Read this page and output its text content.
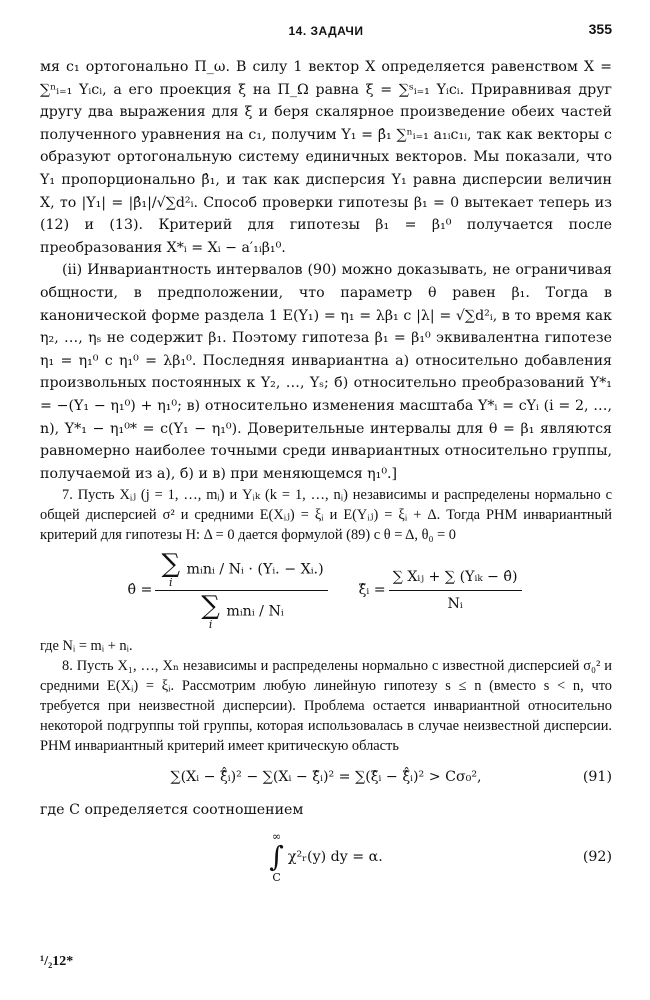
14. ЗАДАЧИ	355

мя c₁ ортогонально Π_ω. В силу 1 вектор X определяется равенством X = ∑ⁿᵢ₌₁ Yᵢcᵢ, а его проекция ξ на Π_Ω равна ξ = ∑ˢᵢ₌₁ Yᵢcᵢ. Приравнивая друг другу два выражения для ξ и беря скалярное произведение обеих частей полученного уравнения на c₁, получим Y₁ = β̂₁ ∑ⁿᵢ₌₁ a₁ᵢc₁ᵢ, так как векторы c образуют ортогональную систему единичных векторов. Мы показали, что Y₁ пропорционально β̂₁, и так как дисперсия Y₁ равна дисперсии величин X, то |Y₁| = |β̂₁|/√∑d²ᵢ. Способ проверки гипотезы β₁ = 0 вытекает теперь из (12) и (13). Критерий для гипотезы β₁ = β₁⁰ получается после преобразования X*ᵢ = Xᵢ − a′₁ᵢβ₁⁰.

(ii) Инвариантность интервалов (90) можно доказывать, не ограничивая общности, в предположении, что параметр θ равен β₁. Тогда в канонической форме раздела 1 E(Y₁) = η₁ = λβ₁ с |λ| = √∑d²ᵢ, в то время как η₂, …, ηₛ не содержит β₁. Поэтому гипотеза β₁ = β₁⁰ эквивалентна гипотезе η₁ = η₁⁰ с η₁⁰ = λβ₁⁰. Последняя инвариантна а) относительно добавления произвольных постоянных к Y₂, …, Yₛ; б) относительно преобразований Y*₁ = −(Y₁ − η₁⁰) + η₁⁰; в) относительно изменения масштаба Y*ᵢ = cYᵢ (i = 2, …, n), Y*₁ − η₁⁰* = c(Y₁ − η₁⁰). Доверительные интервалы для θ = β₁ являются равномерно наиболее точными среди инвариантных относительно группы, получаемой из а), б) и в) при меняющемся η₁⁰.]

7. Пусть Xᵢⱼ (j = 1, …, mᵢ) и Yᵢₖ (k = 1, …, nᵢ) независимы и распределены нормально с общей дисперсией σ² и средними E(Xᵢⱼ) = ξᵢ и E(Yᵢⱼ) = ξᵢ + Δ. Тогда РНМ инвариантный критерий для гипотезы H: Δ = 0 дается формулой (89) с θ = Δ, θ₀ = 0

θ̂ = ∑
i
mᵢnᵢ / Nᵢ · (Yᵢ. − Xᵢ.)
∑
i
mᵢnᵢ / Nᵢ ξ̂ᵢ = $\frac{\text{∑ Xᵢⱼ + ∑ (Yᵢₖ − θ̂)}}{\text{Nᵢ}}$

где Nᵢ = mᵢ + nᵢ.

8. Пусть X₁, …, Xₙ независимы и распределены нормально с известной дисперсией σ₀² и средними E(Xᵢ) = ξᵢ. Рассмотрим любую линейную гипотезу s ≤ n (вместо s < n, что требуется при неизвестной дисперсии). Проблема остается инвариантной относительно некоторой подгруппы той группы, которая использовалась в случае неизвестной дисперсии. РНМ инвариантный критерий имеет критическую область

∑(Xᵢ − ξ̂̂ᵢ)² − ∑(Xᵢ − ξ̂ᵢ)² = ∑(ξ̂ᵢ − ξ̂̂ᵢ)² > Cσ₀²,	(91)

где C определяется соотношением

∞
∫
C
χ²ᵣ(y) dy = α.	(92)
¹/₂12*
